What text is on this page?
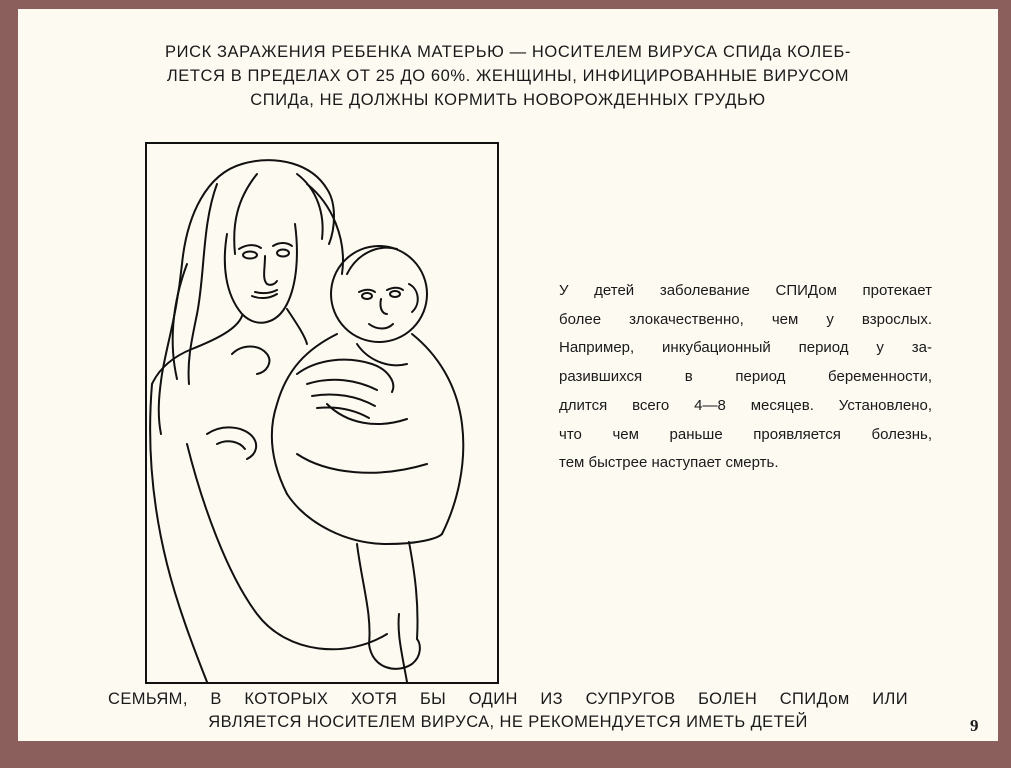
РИСК ЗАРАЖЕНИЯ РЕБЕНКА МАТЕРЬЮ — НОСИТЕЛЕМ ВИРУСА СПИДа КОЛЕБ-
ЛЕТСЯ В ПРЕДЕЛАХ ОТ 25 ДО 60%. ЖЕНЩИНЫ, ИНФИЦИРОВАННЫЕ ВИРУСОМ
СПИДа, НЕ ДОЛЖНЫ КОРМИТЬ НОВОРОЖДЕННЫХ ГРУДЬЮ
У детей заболевание СПИДом протекает
более злокачественно, чем у взрослых.
Например, инкубационный период у за-
разившихся в период беременности,
длится всего 4—8 месяцев. Установлено,
что чем раньше проявляется болезнь,
тем быстрее наступает смерть.
СЕМЬЯМ, В КОТОРЫХ ХОТЯ БЫ ОДИН ИЗ СУПРУГОВ БОЛЕН СПИДом ИЛИ
ЯВЛЯЕТСЯ НОСИТЕЛЕМ ВИРУСА, НЕ РЕКОМЕНДУЕТСЯ ИМЕТЬ ДЕТЕЙ	9
